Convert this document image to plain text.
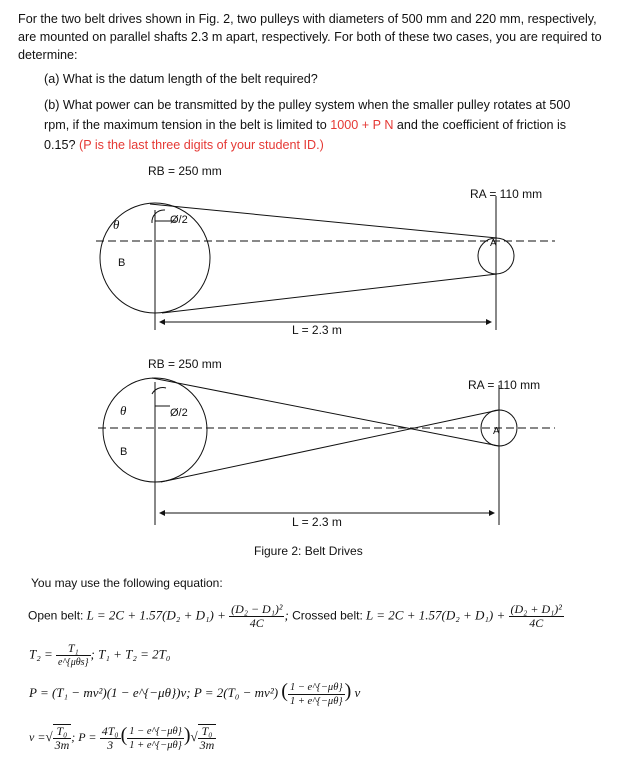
For the two belt drives shown in Fig. 2, two pulleys with diameters of 500 mm and 220 mm, respectively, are mounted on parallel shafts 2.3 m apart, respectively. For both of these two cases, you are required to determine:
(a) What is the datum length of the belt required?
(b) What power can be transmitted by the pulley system when the smaller pulley rotates at 500 rpm, if the maximum tension in the belt is limited to 1000 + P N and the coefficient of friction is 0.15? (P is the last three digits of your student ID.)
RB = 250 mm
RA = 110 mm
θ	Ø/2
B
A
L = 2.3 m
RB = 250 mm
RA = 110 mm
θ	Ø/2
B
A
L = 2.3 m
Figure 2: Belt Drives
You may use the following equation:
Open belt: $L = 2C + 1.57(D_2 + D_1) + \frac{\text{(D₂ − D₁)²}}{4C}$ ; Crossed belt: $L = 2C + 1.57(D_2 + D_1) + \frac{\text{(D₂ + D₁)²}}{4C}$
$T_2 = \frac{\text{T₁}}{\text{e\textasciicircum{}\{μθs\}}}$ ; T₁ + T₂ = 2T₀
P = (T₁ − mv²)(1 − e^{−μθ})v; P = 2(T₀ − mv²) ( $\frac{1 - e\^{}\{-\mu\theta\}}{1 + e\^{}\{-\mu\theta\}}$ ) v
v =√ $\frac{\text{T₀}}{3m}$ ; $P = \frac{\text{4T₀}}{3}$ ( $\frac{1 - e\^{}\{-\mu\theta\}}{1 + e\^{}\{-\mu\theta\}}$ )√ $\frac{\text{T₀}}{3m}$
